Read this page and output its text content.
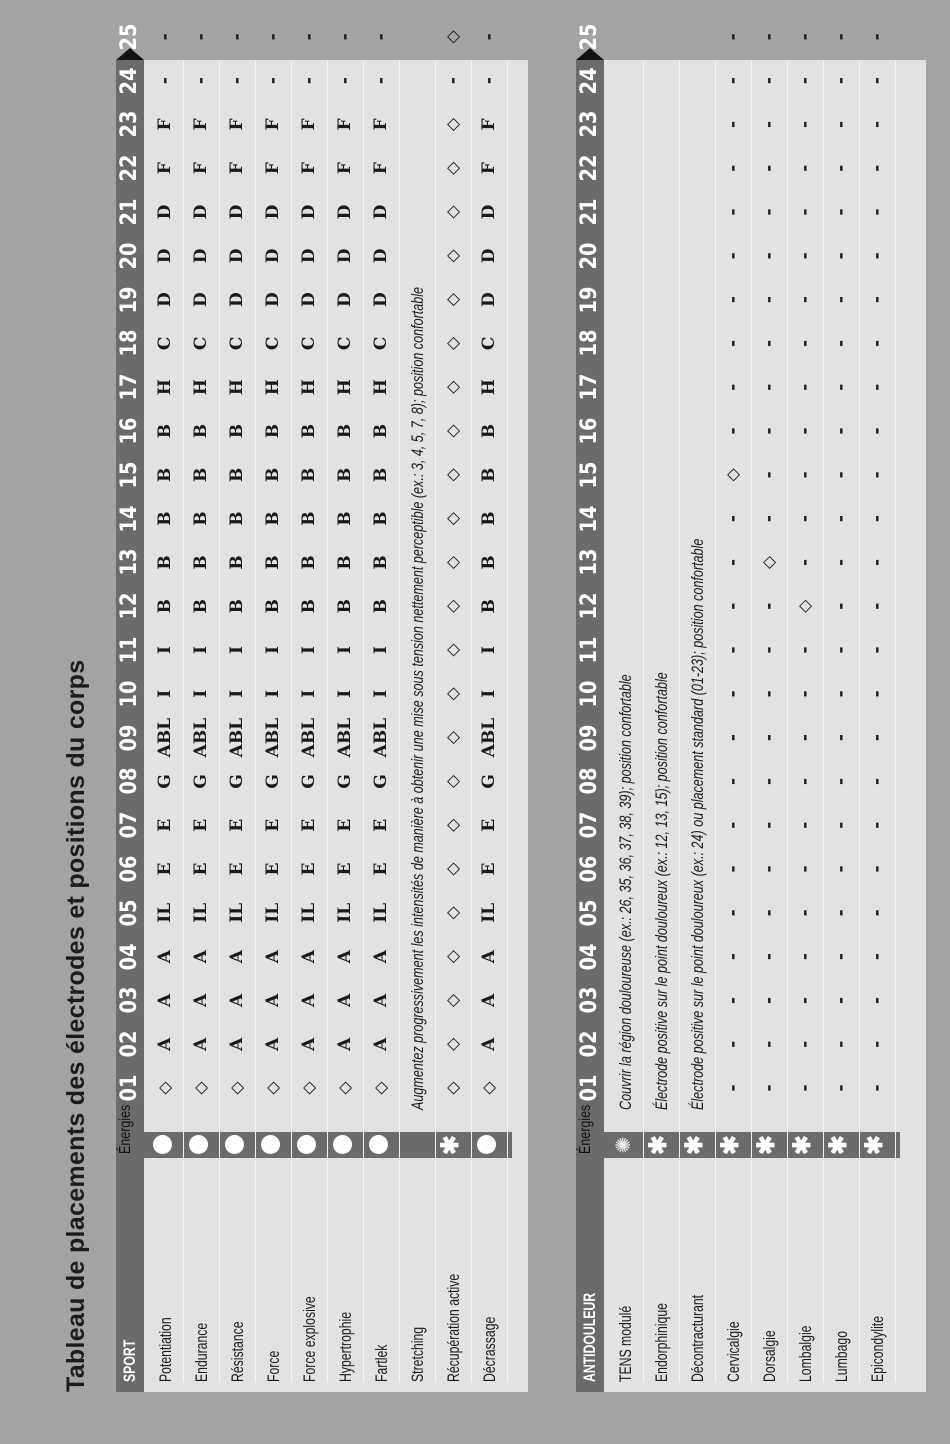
Tableau de placements des électrodes et positions du corps SPORT
Énergies
01
02
03
04
05
06
07
08
09
10
11
12
13
14
15
16
17
18
19
20
21
22
23
24
25
Potentiation
◇
A
A
A
IL
E
E
G
ABL
I
I
B
B
B
B
B
H
C
D
D
D
F
F
-
-
Endurance
◇
A
A
A
IL
E
E
G
ABL
I
I
B
B
B
B
B
H
C
D
D
D
F
F
-
-
Résistance
◇
A
A
A
IL
E
E
G
ABL
I
I
B
B
B
B
B
H
C
D
D
D
F
F
-
-
Force
◇
A
A
A
IL
E
E
G
ABL
I
I
B
B
B
B
B
H
C
D
D
D
F
F
-
-
Force explosive
◇
A
A
A
IL
E
E
G
ABL
I
I
B
B
B
B
B
H
C
D
D
D
F
F
-
-
Hypertrophie
◇
A
A
A
IL
E
E
G
ABL
I
I
B
B
B
B
B
H
C
D
D
D
F
F
-
-
Fartlek
◇
A
A
A
IL
E
E
G
ABL
I
I
B
B
B
B
B
H
C
D
D
D
F
F
-
-
Stretching
Augmentez progressivement les intensités de manière à obtenir une mise sous tension nettement perceptible (ex.: 3, 4, 5, 7, 8); position confortable
Récupération active
✱
◇
◇
◇
◇
◇
◇
◇
◇
◇
◇
◇
◇
◇
◇
◇
◇
◇
◇
◇
◇
◇
◇
◇
-
◇
Décrassage
◇
A
A
A
IL
E
E
G
ABL
I
I
B
B
B
B
B
H
C
D
D
D
F
F
-
-
ANTIDOULEUR
Énergies
01
02
03
04
05
06
07
08
09
10
11
12
13
14
15
16
17
18
19
20
21
22
23
24
25
TENS modulé
✺
Couvrir la région douloureuse (ex.: 26, 35, 36, 37, 38, 39); position confortable
Endorphinique
✱
Électrode positive sur le point douloureux (ex.: 12, 13, 15); position confortable
Décontracturant
✱
Électrode positive sur le point douloureux (ex.: 24) ou placement standard (01-23); position confortable
Cervicalgie
✱
-
-
-
-
-
-
-
-
-
-
-
-
-
-
◇
-
-
-
-
-
-
-
-
-
-
Dorsalgie
✱
-
-
-
-
-
-
-
-
-
-
-
-
◇
-
-
-
-
-
-
-
-
-
-
-
-
Lombalgie
✱
-
-
-
-
-
-
-
-
-
-
-
◇
-
-
-
-
-
-
-
-
-
-
-
-
-
Lumbago
✱
-
-
-
-
-
-
-
-
-
-
-
-
-
-
-
-
-
-
-
-
-
-
-
-
-
Epicondylite
✱
-
-
-
-
-
-
-
-
-
-
-
-
-
-
-
-
-
-
-
-
-
-
-
-
-
